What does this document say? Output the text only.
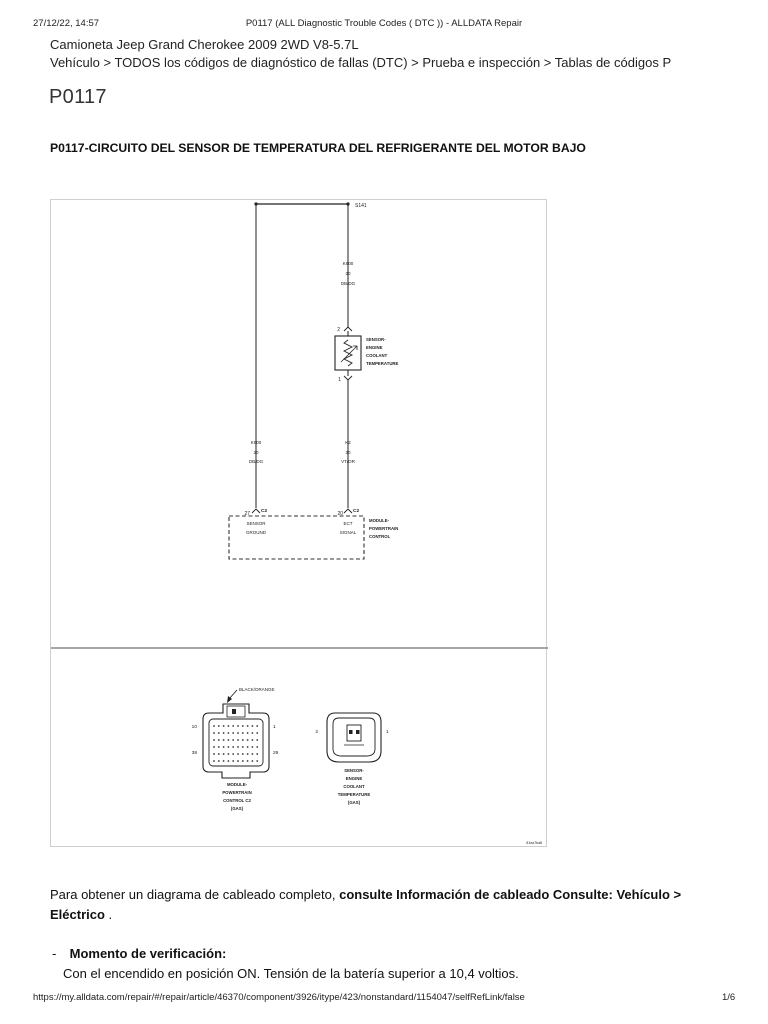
27/12/22, 14:57	P0117 (ALL Diagnostic Trouble Codes ( DTC )) - ALLDATA Repair
Camioneta Jeep Grand Cherokee 2009 2WD V8-5.7L
Vehículo > TODOS los códigos de diagnóstico de fallas (DTC) > Prueba e inspección > Tablas de códigos P
P0117
P0117-CIRCUITO DEL SENSOR DE TEMPERATURA DEL REFRIGERANTE DEL MOTOR BAJO
S141
K900
20
DB/DG
2
SENSOR-
ENGINE
COOLANT
TEMPERATURE
1
K2
20
VT/OR
K900
20
DB/DG
27 C2	20 C2
SENSOR
GROUND
ECT
SIGNAL
MODULE-
POWERTRAIN
CONTROL
BLACK/ORANGE
10	1
38	29
MODULE-
POWERTRAIN
CONTROL C2
(GAS)
2	1
SENSOR-
ENGINE
COOLANT
TEMPERATURE
(GAS)
81ea7ba8

Para obtener un diagrama de cableado completo, consulte Información de cableado Consulte: Vehículo > Eléctrico .

- Momento de verificación:
Con el encendido en posición ON. Tensión de la batería superior a 10,4 voltios.
https://my.alldata.com/repair/#/repair/article/46370/component/3926/itype/423/nonstandard/1154047/selfRefLink/false	1/6
